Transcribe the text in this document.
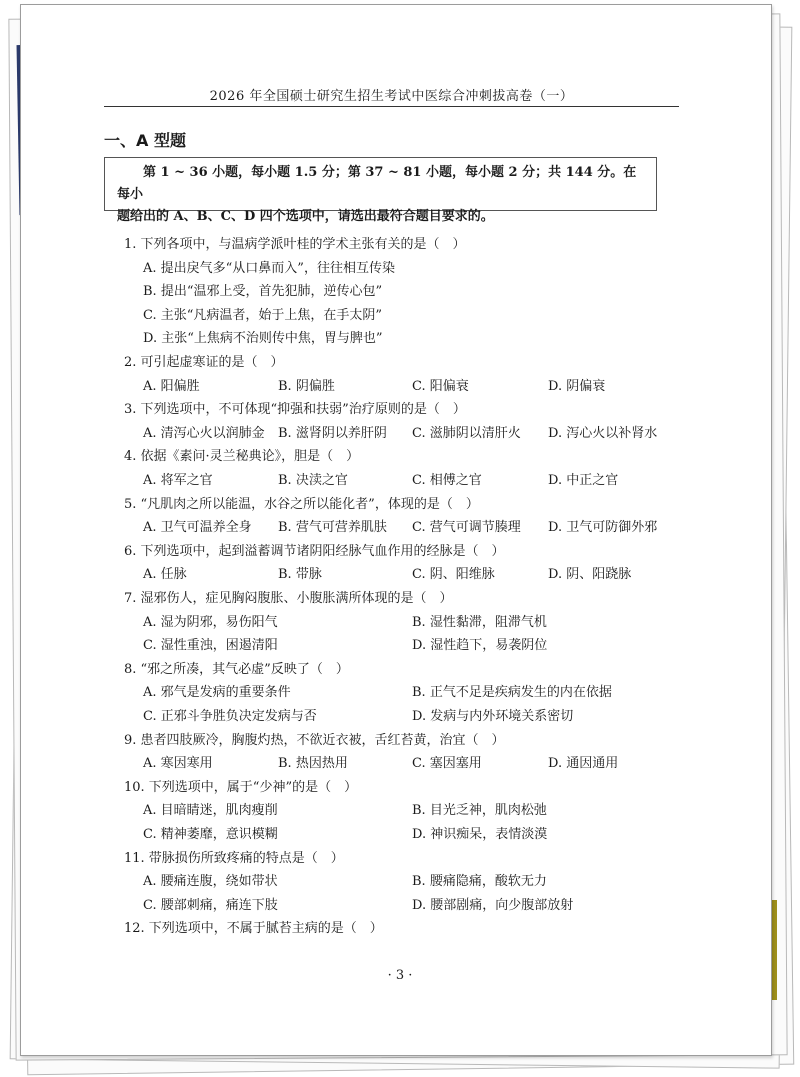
2026 年全国硕士研究生招生考试中医综合冲刺拔高卷（一）
一、A 型题
　　第 1 ~ 36 小题，每小题 1.5 分；第 37 ~ 81 小题，每小题 2 分；共 144 分。在每小
题给出的 A、B、C、D 四个选项中，请选出最符合题目要求的。
1. 下列各项中，与温病学派叶桂的学术主张有关的是（　）
A. 提出戾气多“从口鼻而入”，往往相互传染
B. 提出“温邪上受，首先犯肺，逆传心包”
C. 主张“凡病温者，始于上焦，在手太阴”
D. 主张“上焦病不治则传中焦，胃与脾也”
2. 可引起虚寒证的是（　）
A. 阳偏胜	B. 阴偏胜	C. 阳偏衰	D. 阴偏衰
3. 下列选项中，不可体现“抑强和扶弱”治疗原则的是（　）
A. 清泻心火以润肺金 B. 滋肾阴以养肝阴 C. 滋肺阴以清肝火 D. 泻心火以补肾水
4. 依据《素问·灵兰秘典论》，胆是（　）
A. 将军之官	B. 决渎之官	C. 相傅之官	D. 中正之官
5. “凡肌肉之所以能温，水谷之所以能化者”，体现的是（　）
A. 卫气可温养全身 B. 营气可营养肌肤 C. 营气可调节腠理 D. 卫气可防御外邪
6. 下列选项中，起到溢蓄调节诸阴阳经脉气血作用的经脉是（　）
A. 任脉	B. 带脉	C. 阴、阳维脉	D. 阴、阳跷脉
7. 湿邪伤人，症见胸闷腹胀、小腹胀满所体现的是（　）
A. 湿为阴邪，易伤阳气	B. 湿性黏滞，阻滞气机
C. 湿性重浊，困遏清阳	D. 湿性趋下，易袭阴位
8. “邪之所凑，其气必虚”反映了（　）
A. 邪气是发病的重要条件	B. 正气不足是疾病发生的内在依据
C. 正邪斗争胜负决定发病与否	D. 发病与内外环境关系密切
9. 患者四肢厥冷，胸腹灼热，不欲近衣被，舌红苔黄，治宜（　）
A. 寒因寒用	B. 热因热用	C. 塞因塞用	D. 通因通用
10. 下列选项中，属于“少神”的是（　）
A. 目暗睛迷，肌肉瘦削	B. 目光乏神，肌肉松弛
C. 精神萎靡，意识模糊	D. 神识痴呆，表情淡漠
11. 带脉损伤所致疼痛的特点是（　）
A. 腰痛连腹，绕如带状	B. 腰痛隐痛，酸软无力
C. 腰部刺痛，痛连下肢	D. 腰部剧痛，向少腹部放射
12. 下列选项中，不属于腻苔主病的是（　）
· 3 ·
